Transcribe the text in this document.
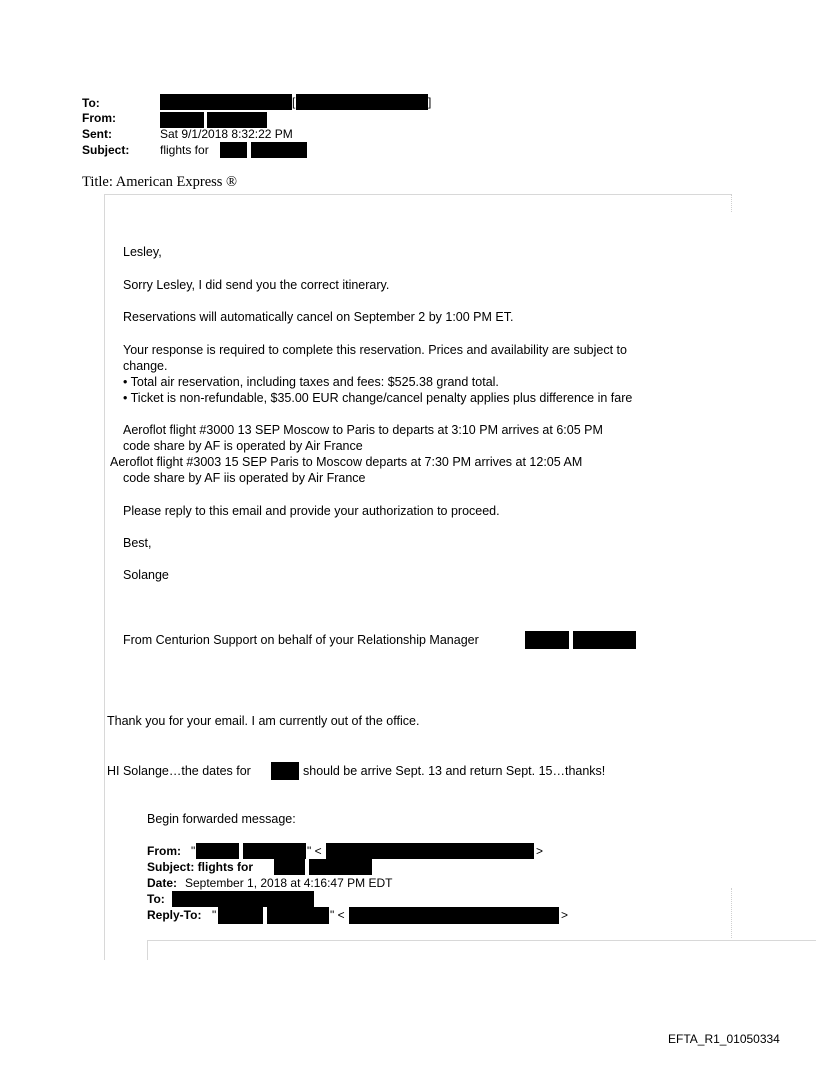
To:	[	]
From:
Sent:	Sat 9/1/2018 8:32:22 PM
Subject:	flights for
Title: American Express ®
Lesley,
Sorry Lesley, I did send you the correct itinerary.
Reservations will automatically cancel on September 2 by 1:00 PM ET.
Your response is required to complete this reservation. Prices and availability are subject to
change.
• Total air reservation, including taxes and fees: $525.38 grand total.
• Ticket is non-refundable, $35.00 EUR change/cancel penalty applies plus difference in fare
Aeroflot flight #3000 13 SEP Moscow to Paris to departs at 3:10 PM arrives at 6:05 PM
code share by AF is operated by Air France
Aeroflot flight #3003 15 SEP Paris to Moscow departs at 7:30 PM arrives at 12:05 AM
code share by AF iis operated by Air France
Please reply to this email and provide your authorization to proceed.
Best,
Solange
From Centurion Support on behalf of your Relationship Manager
Thank you for your email. I am currently out of the office.
HI Solange…the dates for	should be arrive Sept. 13 and return Sept. 15…thanks!
Begin forwarded message:
From: "	" <	>
Subject: flights for
Date: September 1, 2018 at 4:16:47 PM EDT
To:
Reply-To: "	" <	>
EFTA_R1_01050334
